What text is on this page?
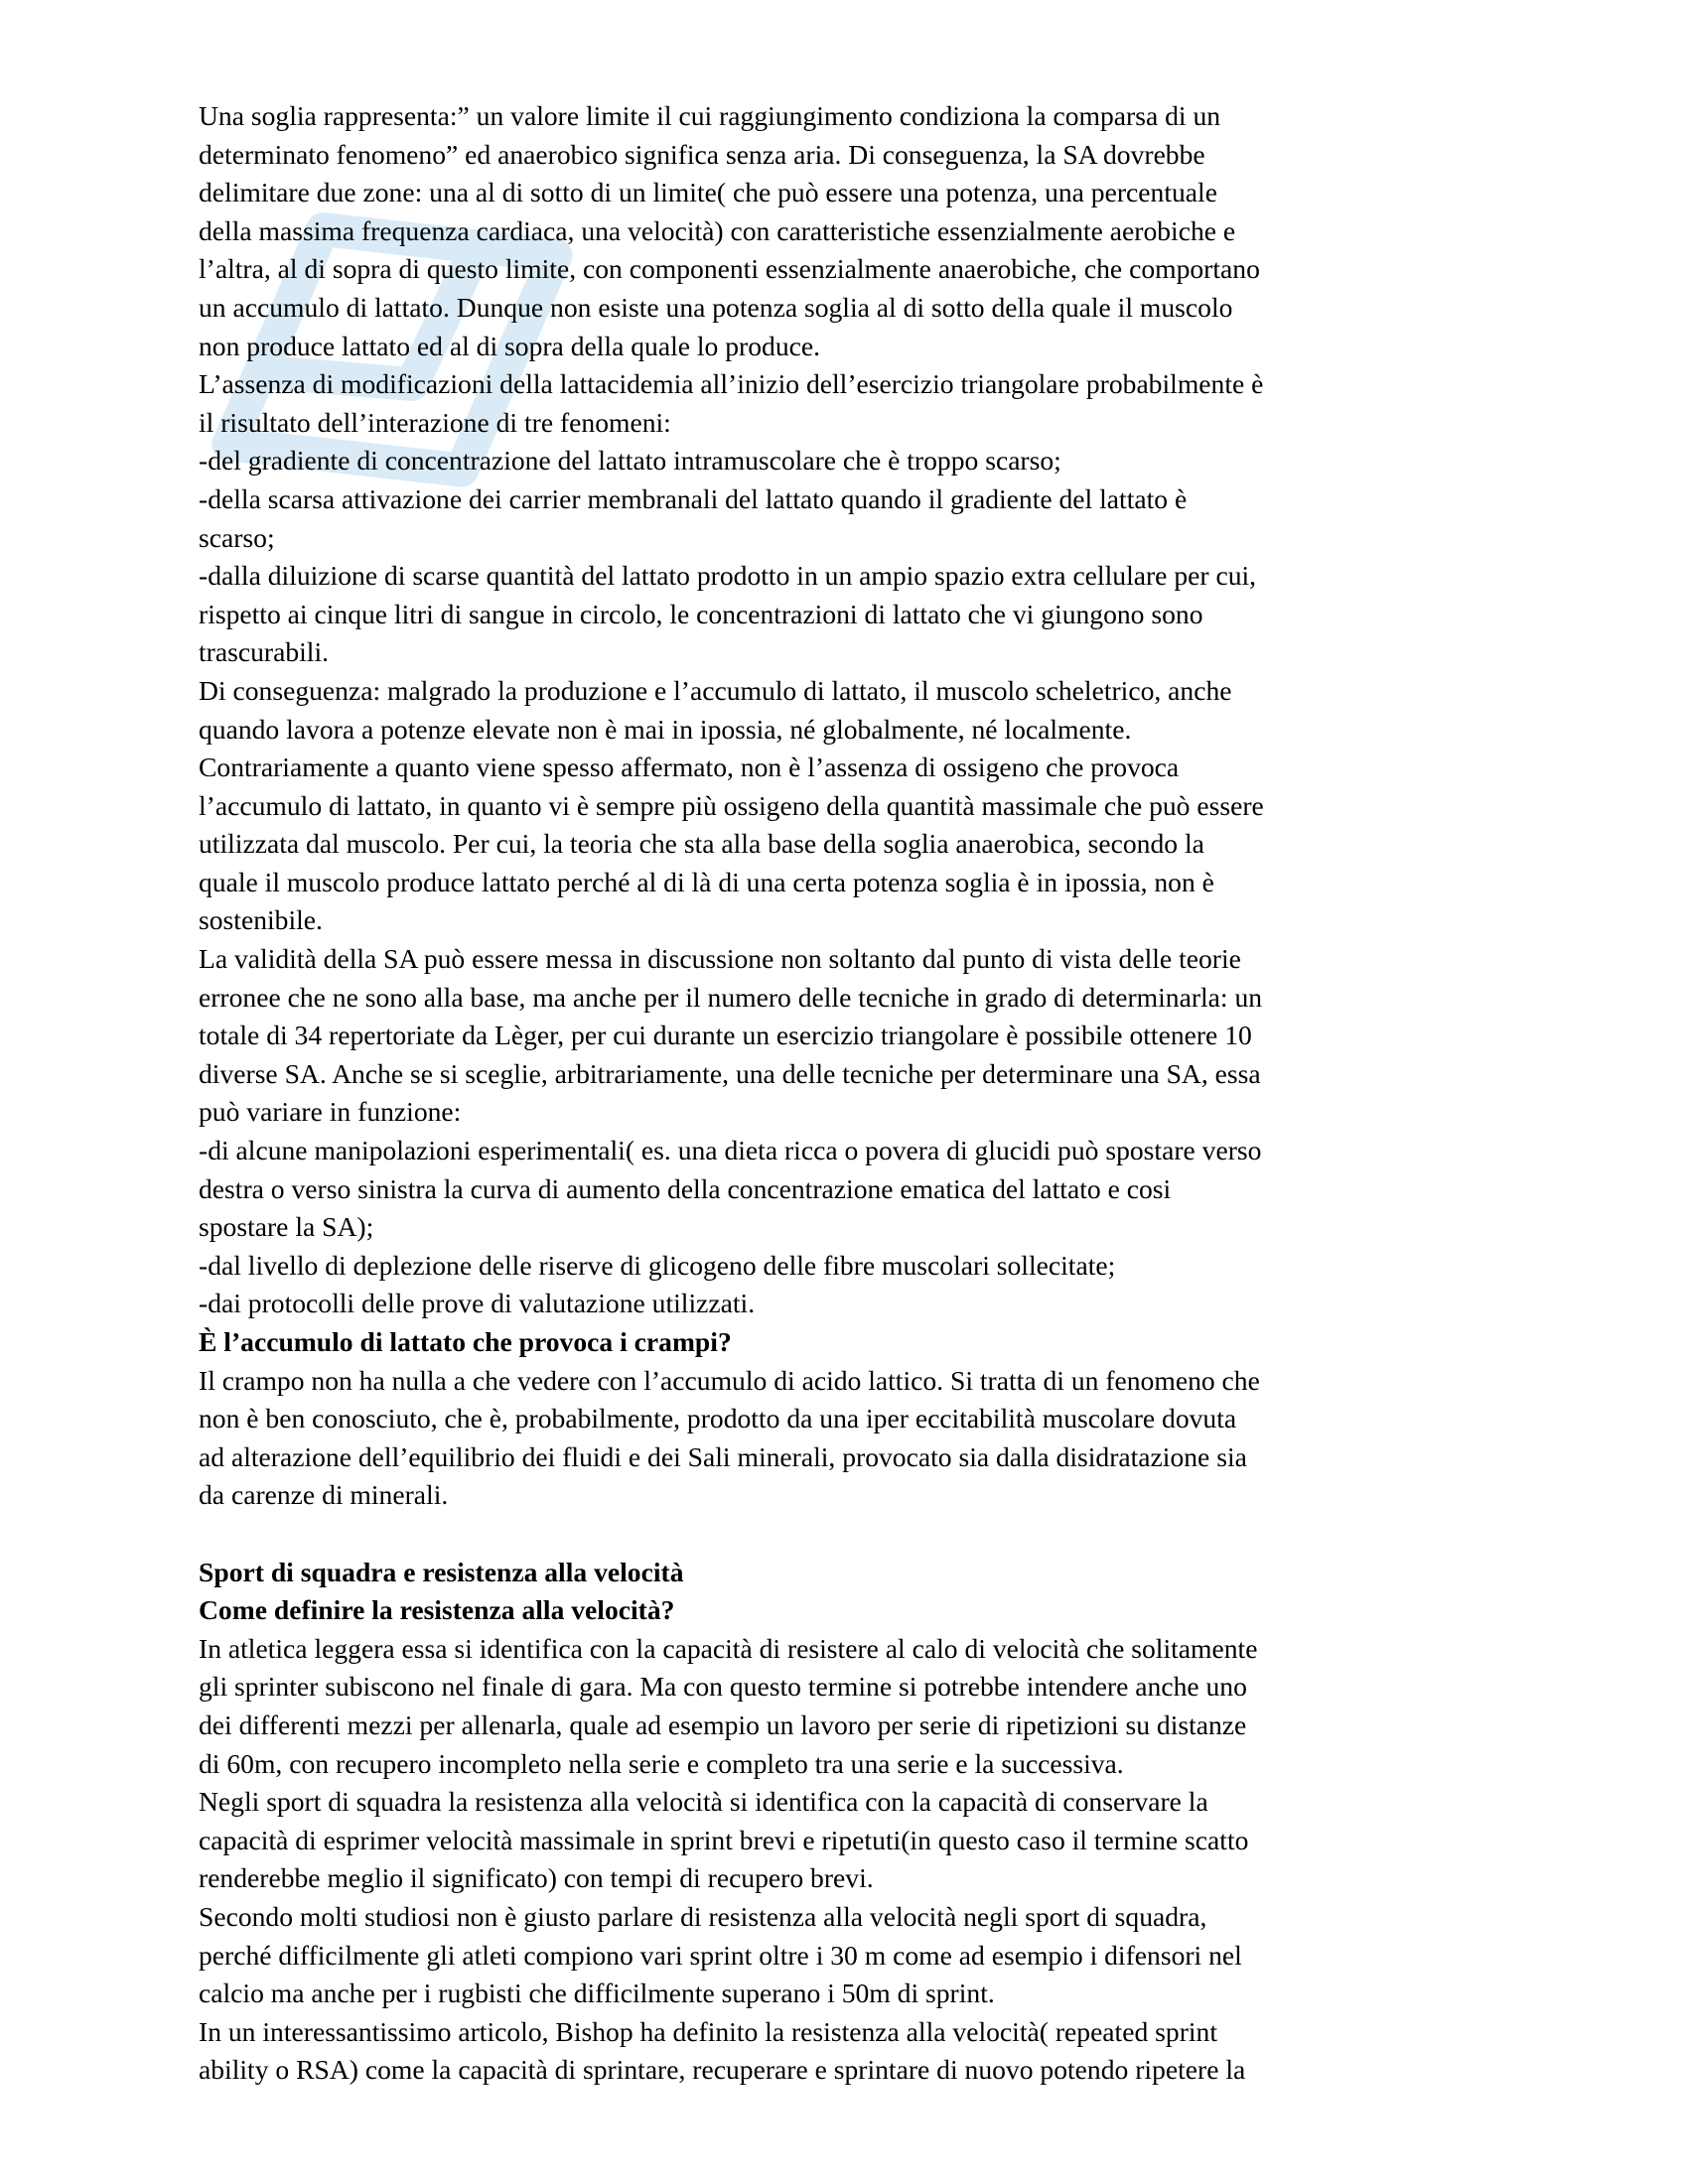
Una soglia rappresenta:” un valore limite il cui raggiungimento condiziona la comparsa di un

determinato fenomeno” ed anaerobico significa senza aria. Di conseguenza, la SA dovrebbe

delimitare due zone: una al di sotto di un limite( che può essere una potenza, una percentuale

della massima frequenza cardiaca, una velocità) con caratteristiche essenzialmente aerobiche e

l’altra, al di sopra di questo limite, con componenti essenzialmente anaerobiche, che comportano

un accumulo di lattato. Dunque non esiste una potenza soglia al di sotto della quale il muscolo

non produce lattato ed al di sopra della quale lo produce.

L’assenza di modificazioni della lattacidemia all’inizio dell’esercizio triangolare probabilmente è

il risultato dell’interazione di tre fenomeni:

-del gradiente di concentrazione del lattato intramuscolare che è troppo scarso;

-della scarsa attivazione dei carrier membranali del lattato quando il gradiente del lattato è

scarso;

-dalla diluizione di scarse quantità del lattato prodotto in un ampio spazio extra cellulare per cui,

rispetto ai cinque litri di sangue in circolo, le concentrazioni di lattato che vi giungono sono

trascurabili.

Di conseguenza: malgrado la produzione e l’accumulo di lattato, il muscolo scheletrico, anche

quando lavora a potenze elevate non è mai in ipossia, né globalmente, né localmente.

Contrariamente a quanto viene spesso affermato, non è l’assenza di ossigeno che provoca

l’accumulo di lattato, in quanto vi è sempre più ossigeno della quantità massimale che può essere

utilizzata dal muscolo. Per cui, la teoria che sta alla base della soglia anaerobica, secondo la

quale il muscolo produce lattato perché al di là di una certa potenza soglia è in ipossia, non è

sostenibile.

La validità della SA può essere messa in discussione non soltanto dal punto di vista delle teorie

erronee che ne sono alla base, ma anche per il numero delle tecniche in grado di determinarla: un

totale di 34 repertoriate da Lèger, per cui durante un esercizio triangolare è possibile ottenere 10

diverse SA. Anche se si sceglie, arbitrariamente, una delle tecniche per determinare una SA, essa

può variare in funzione:

-di alcune manipolazioni esperimentali( es. una dieta ricca o povera di glucidi può spostare verso

destra o verso sinistra la curva di aumento della concentrazione ematica del lattato e cosi

spostare la SA);

-dal livello di deplezione delle riserve di glicogeno delle fibre muscolari sollecitate;

-dai protocolli delle prove di valutazione utilizzati.

È l’accumulo di lattato che provoca i crampi?

Il crampo non ha nulla a che vedere con l’accumulo di acido lattico. Si tratta di un fenomeno che

non è ben conosciuto, che è, probabilmente, prodotto da una iper eccitabilità muscolare dovuta

ad alterazione dell’equilibrio dei fluidi e dei Sali minerali, provocato sia dalla disidratazione sia

da carenze di minerali.

Sport di squadra e resistenza alla velocità
Come definire la resistenza alla velocità?

In atletica leggera essa si identifica con la capacità di resistere al calo di velocità che solitamente

gli sprinter subiscono nel finale di gara. Ma con questo termine si potrebbe intendere anche uno

dei differenti mezzi per allenarla, quale ad esempio un lavoro per serie di ripetizioni su distanze

di 60m, con recupero incompleto nella serie e completo tra una serie e la successiva.

Negli sport di squadra la resistenza alla velocità si identifica con la capacità di conservare la

capacità di esprimer velocità massimale in sprint brevi e ripetuti(in questo caso il termine scatto

renderebbe meglio il significato) con tempi di recupero brevi.

Secondo molti studiosi non è giusto parlare di resistenza alla velocità negli sport di squadra,

perché difficilmente gli atleti compiono vari sprint oltre i 30 m come ad esempio i difensori nel

calcio ma anche per i rugbisti che difficilmente superano i 50m di sprint.

In un interessantissimo articolo, Bishop ha definito la resistenza alla velocità( repeated sprint

ability o RSA) come la capacità di sprintare, recuperare e sprintare di nuovo potendo ripetere la
